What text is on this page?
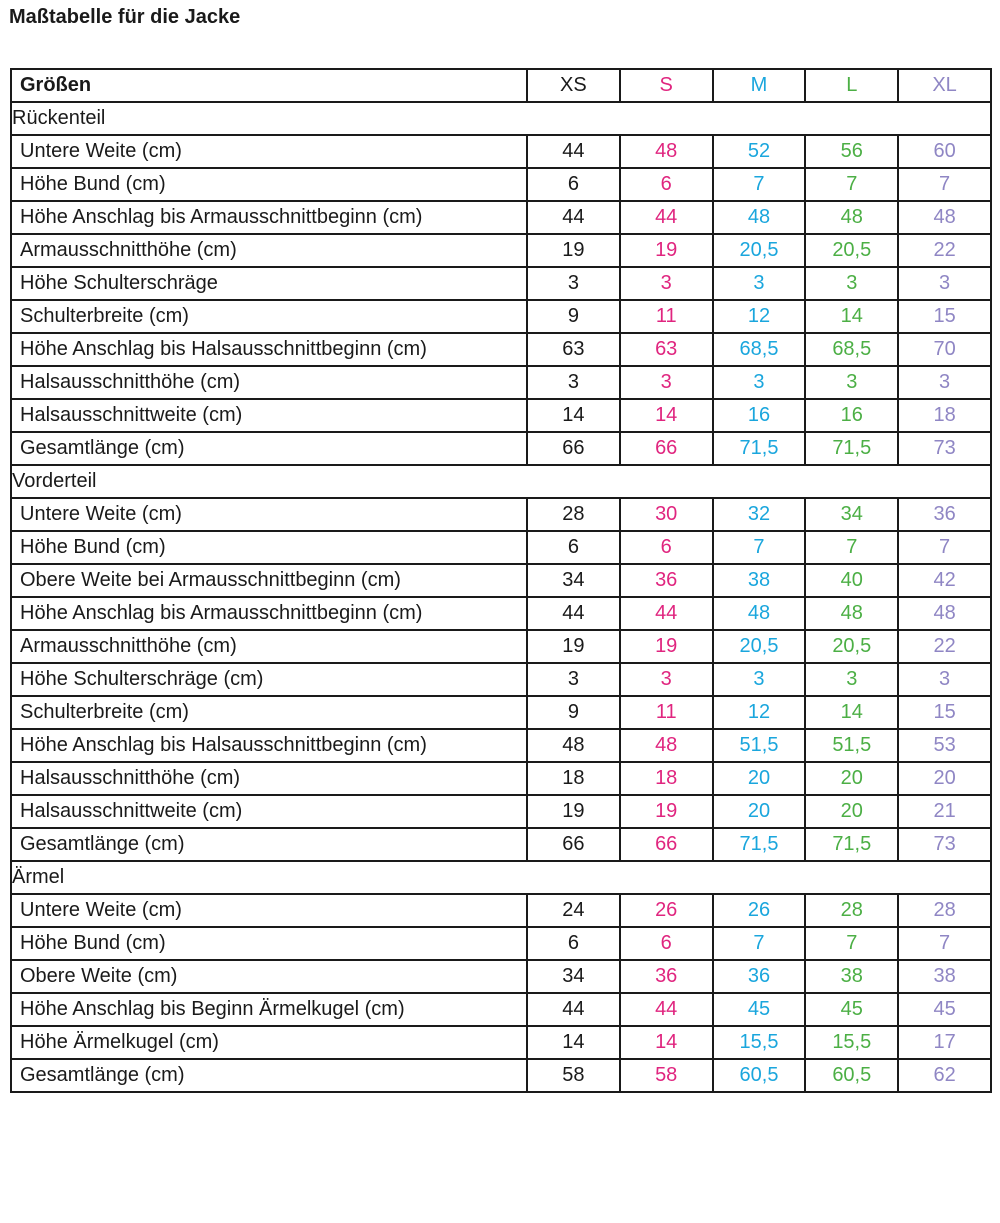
Maßtabelle für die Jacke
Größen	XS	S	M	L	XL
Rückenteil					
Untere Weite (cm)	44	48	52	56	60
Höhe Bund (cm)	6	6	7	7	7
Höhe Anschlag bis Armausschnittbeginn (cm)	44	44	48	48	48
Armausschnitthöhe (cm)	19	19	20,5	20,5	22
Höhe Schulterschräge	3	3	3	3	3
Schulterbreite (cm)	9	11	12	14	15
Höhe Anschlag bis Halsausschnittbeginn (cm)	63	63	68,5	68,5	70
Halsausschnitthöhe (cm)	3	3	3	3	3
Halsausschnittweite (cm)	14	14	16	16	18
Gesamtlänge (cm)	66	66	71,5	71,5	73
Vorderteil					
Untere Weite (cm)	28	30	32	34	36
Höhe Bund (cm)	6	6	7	7	7
Obere Weite bei Armausschnittbeginn (cm)	34	36	38	40	42
Höhe Anschlag bis Armausschnittbeginn (cm)	44	44	48	48	48
Armausschnitthöhe (cm)	19	19	20,5	20,5	22
Höhe Schulterschräge (cm)	3	3	3	3	3
Schulterbreite (cm)	9	11	12	14	15
Höhe Anschlag bis Halsausschnittbeginn (cm)	48	48	51,5	51,5	53
Halsausschnitthöhe (cm)	18	18	20	20	20
Halsausschnittweite (cm)	19	19	20	20	21
Gesamtlänge (cm)	66	66	71,5	71,5	73
Ärmel					
Untere Weite (cm)	24	26	26	28	28
Höhe Bund (cm)	6	6	7	7	7
Obere Weite (cm)	34	36	36	38	38
Höhe Anschlag bis Beginn Ärmelkugel (cm)	44	44	45	45	45
Höhe Ärmelkugel (cm)	14	14	15,5	15,5	17
Gesamtlänge (cm)	58	58	60,5	60,5	62
